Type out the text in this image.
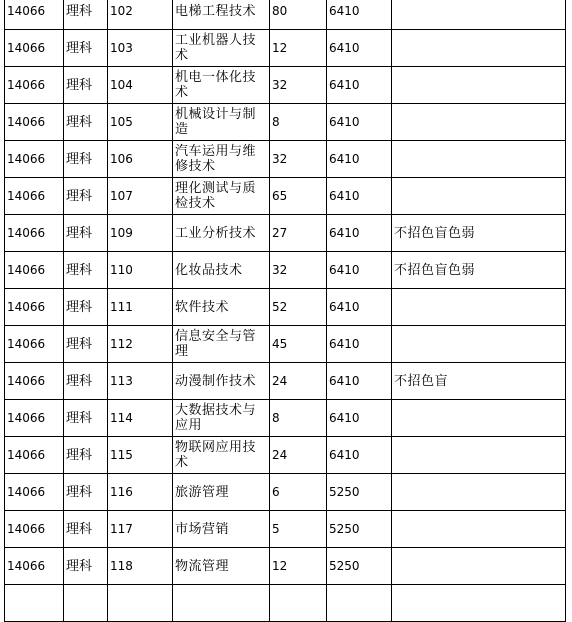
14066	理科	102	电梯工程技术	80	6410	
14066	理科	103	工业机器人技术	12	6410	
14066	理科	104	机电一体化技术	32	6410	
14066	理科	105	机械设计与制造	8	6410	
14066	理科	106	汽车运用与维修技术	32	6410	
14066	理科	107	理化测试与质检技术	65	6410	
14066	理科	109	工业分析技术	27	6410	不招色盲色弱
14066	理科	110	化妆品技术	32	6410	不招色盲色弱
14066	理科	111	软件技术	52	6410	
14066	理科	112	信息安全与管理	45	6410	
14066	理科	113	动漫制作技术	24	6410	不招色盲
14066	理科	114	大数据技术与应用	8	6410	
14066	理科	115	物联网应用技术	24	6410	
14066	理科	116	旅游管理	6	5250	
14066	理科	117	市场营销	5	5250	
14066	理科	118	物流管理	12	5250	
